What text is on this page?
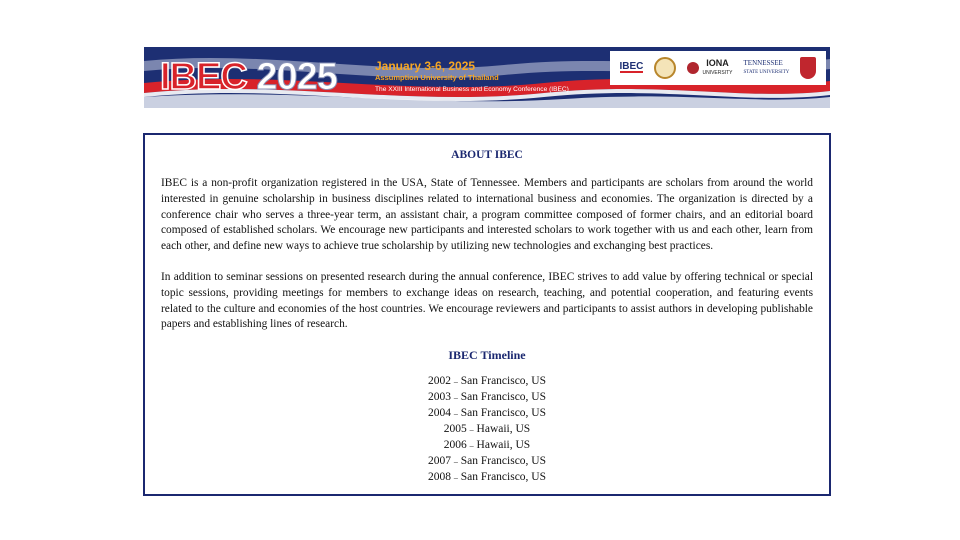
IBEC 2025	January 3-6, 2025
Assumption University of Thailand
The XXIII International Business and Economy Conference (IBEC)
IBEC	IONA
UNIVERSITY
TENNESSEE
STATE UNIVERSITY
ABOUT IBEC

IBEC is a non-profit organization registered in the USA, State of Tennessee. Members and participants are scholars from around the world interested in genuine scholarship in business disciplines related to international business and economies. The organization is directed by a conference chair who serves a three-year term, an assistant chair, a program committee composed of former chairs, and an editorial board composed of established scholars. We encourage new participants and interested scholars to work together with us and each other, learn from each other, and define new ways to achieve true scholarship by utilizing new technologies and exchanging best practices.

In addition to seminar sessions on presented research during the annual conference, IBEC strives to add value by offering technical or special topic sessions, providing meetings for members to exchange ideas on research, teaching, and potential cooperation, and featuring events related to the culture and economies of the host countries. We encourage reviewers and participants to assist authors in developing publishable papers and establishing lines of research.

IBEC Timeline
2002 – San Francisco, US
2003 – San Francisco, US
2004 – San Francisco, US
2005 – Hawaii, US
2006 – Hawaii, US
2007 – San Francisco, US
2008 – San Francisco, US
